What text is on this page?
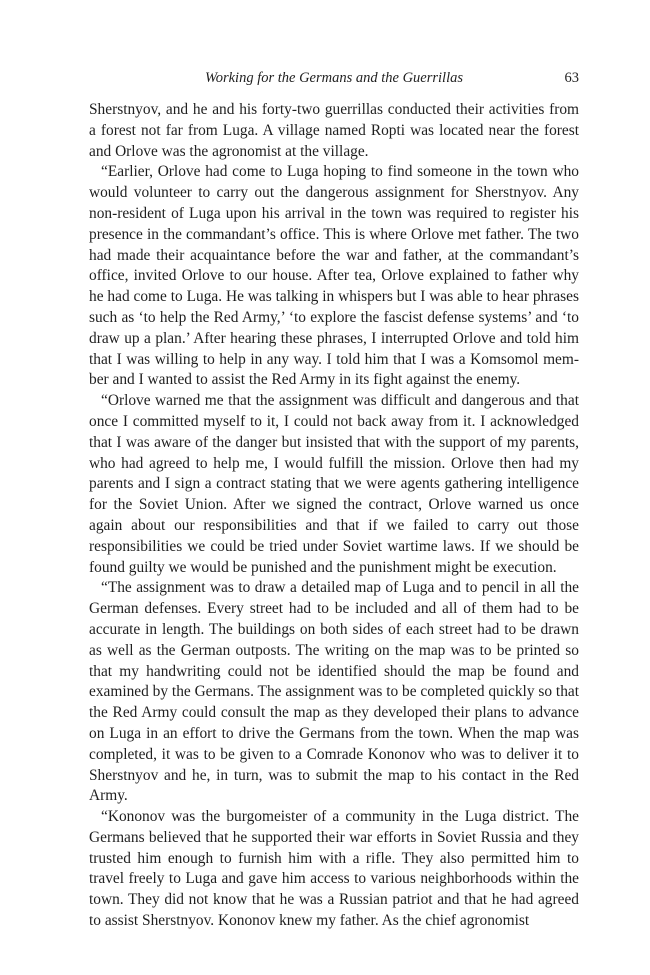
Working for the Germans and the Guerrillas	63

Sherstnyov, and he and his forty-two guerrillas conducted their activities from a forest not far from Luga. A village named Ropti was located near the forest and Orlove was the agronomist at the village.

“Earlier, Orlove had come to Luga hoping to find someone in the town who would volunteer to carry out the dangerous assignment for Sherstnyov. Any non-resident of Luga upon his arrival in the town was required to register his presence in the commandant’s office. This is where Orlove met father. The two had made their acquaintance before the war and father, at the commandant’s office, invited Orlove to our house. After tea, Orlove explained to father why he had come to Luga. He was talking in whispers but I was able to hear phrases such as ‘to help the Red Army,’ ‘to explore the fascist defense systems’ and ‘to draw up a plan.’ After hearing these phrases, I interrupted Orlove and told him that I was willing to help in any way. I told him that I was a Komsomol member and I wanted to assist the Red Army in its fight against the enemy.

“Orlove warned me that the assignment was difficult and dangerous and that once I committed myself to it, I could not back away from it. I acknowledged that I was aware of the danger but insisted that with the support of my parents, who had agreed to help me, I would fulfill the mission. Orlove then had my parents and I sign a contract stating that we were agents gathering intelligence for the Soviet Union. After we signed the contract, Orlove warned us once again about our responsibilities and that if we failed to carry out those responsibilities we could be tried under Soviet wartime laws. If we should be found guilty we would be punished and the punishment might be execution.

“The assignment was to draw a detailed map of Luga and to pencil in all the German defenses. Every street had to be included and all of them had to be accurate in length. The buildings on both sides of each street had to be drawn as well as the German outposts. The writing on the map was to be printed so that my handwriting could not be identified should the map be found and examined by the Germans. The assignment was to be completed quickly so that the Red Army could consult the map as they developed their plans to advance on Luga in an effort to drive the Germans from the town. When the map was completed, it was to be given to a Comrade Kononov who was to deliver it to Sherstnyov and he, in turn, was to submit the map to his contact in the Red Army.

“Kononov was the burgomeister of a community in the Luga district. The Germans believed that he supported their war efforts in Soviet Russia and they trusted him enough to furnish him with a rifle. They also permitted him to travel freely to Luga and gave him access to various neighborhoods within the town. They did not know that he was a Russian patriot and that he had agreed to assist Sherstnyov. Kononov knew my father. As the chief agronomist
